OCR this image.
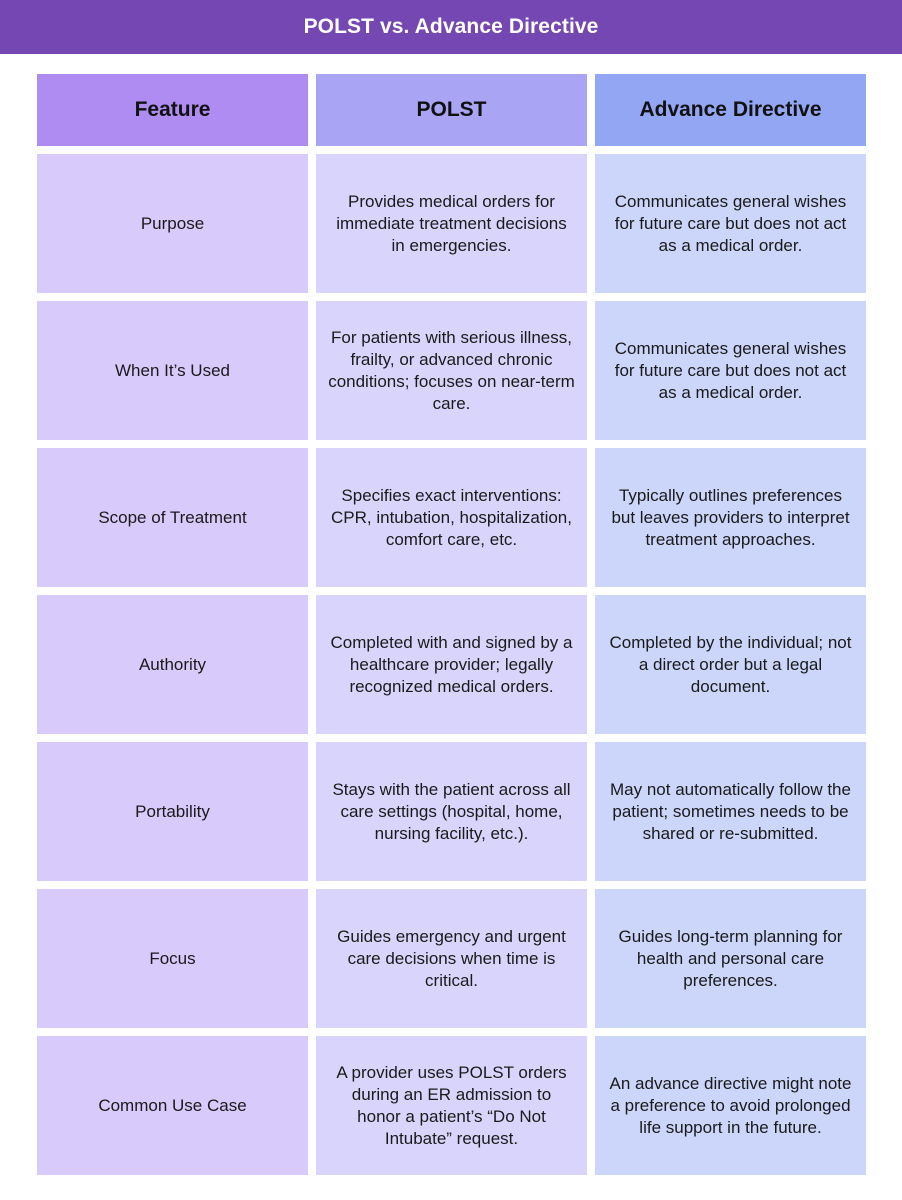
POLST vs. Advance Directive
Feature	POLST	Advance Directive
Purpose
Provides medical orders for immediate treatment decisions in emergencies.
Communicates general wishes for future care but does not act as a medical order.
When It’s Used
For patients with serious illness, frailty, or advanced chronic conditions; focuses on near-term care.
Communicates general wishes for future care but does not act as a medical order.
Scope of Treatment
Specifies exact interventions: CPR, intubation, hospitalization, comfort care, etc.
Typically outlines preferences but leaves providers to interpret treatment approaches.
Authority
Completed with and signed by a healthcare provider; legally recognized medical orders.
Completed by the individual; not a direct order but a legal document.
Portability
Stays with the patient across all care settings (hospital, home, nursing facility, etc.).
May not automatically follow the patient; sometimes needs to be shared or re-submitted.
Focus
Guides emergency and urgent care decisions when time is critical.
Guides long-term planning for health and personal care preferences.
Common Use Case
A provider uses POLST orders during an ER admission to honor a patient’s “Do Not Intubate” request.
An advance directive might note a preference to avoid prolonged life support in the future.
